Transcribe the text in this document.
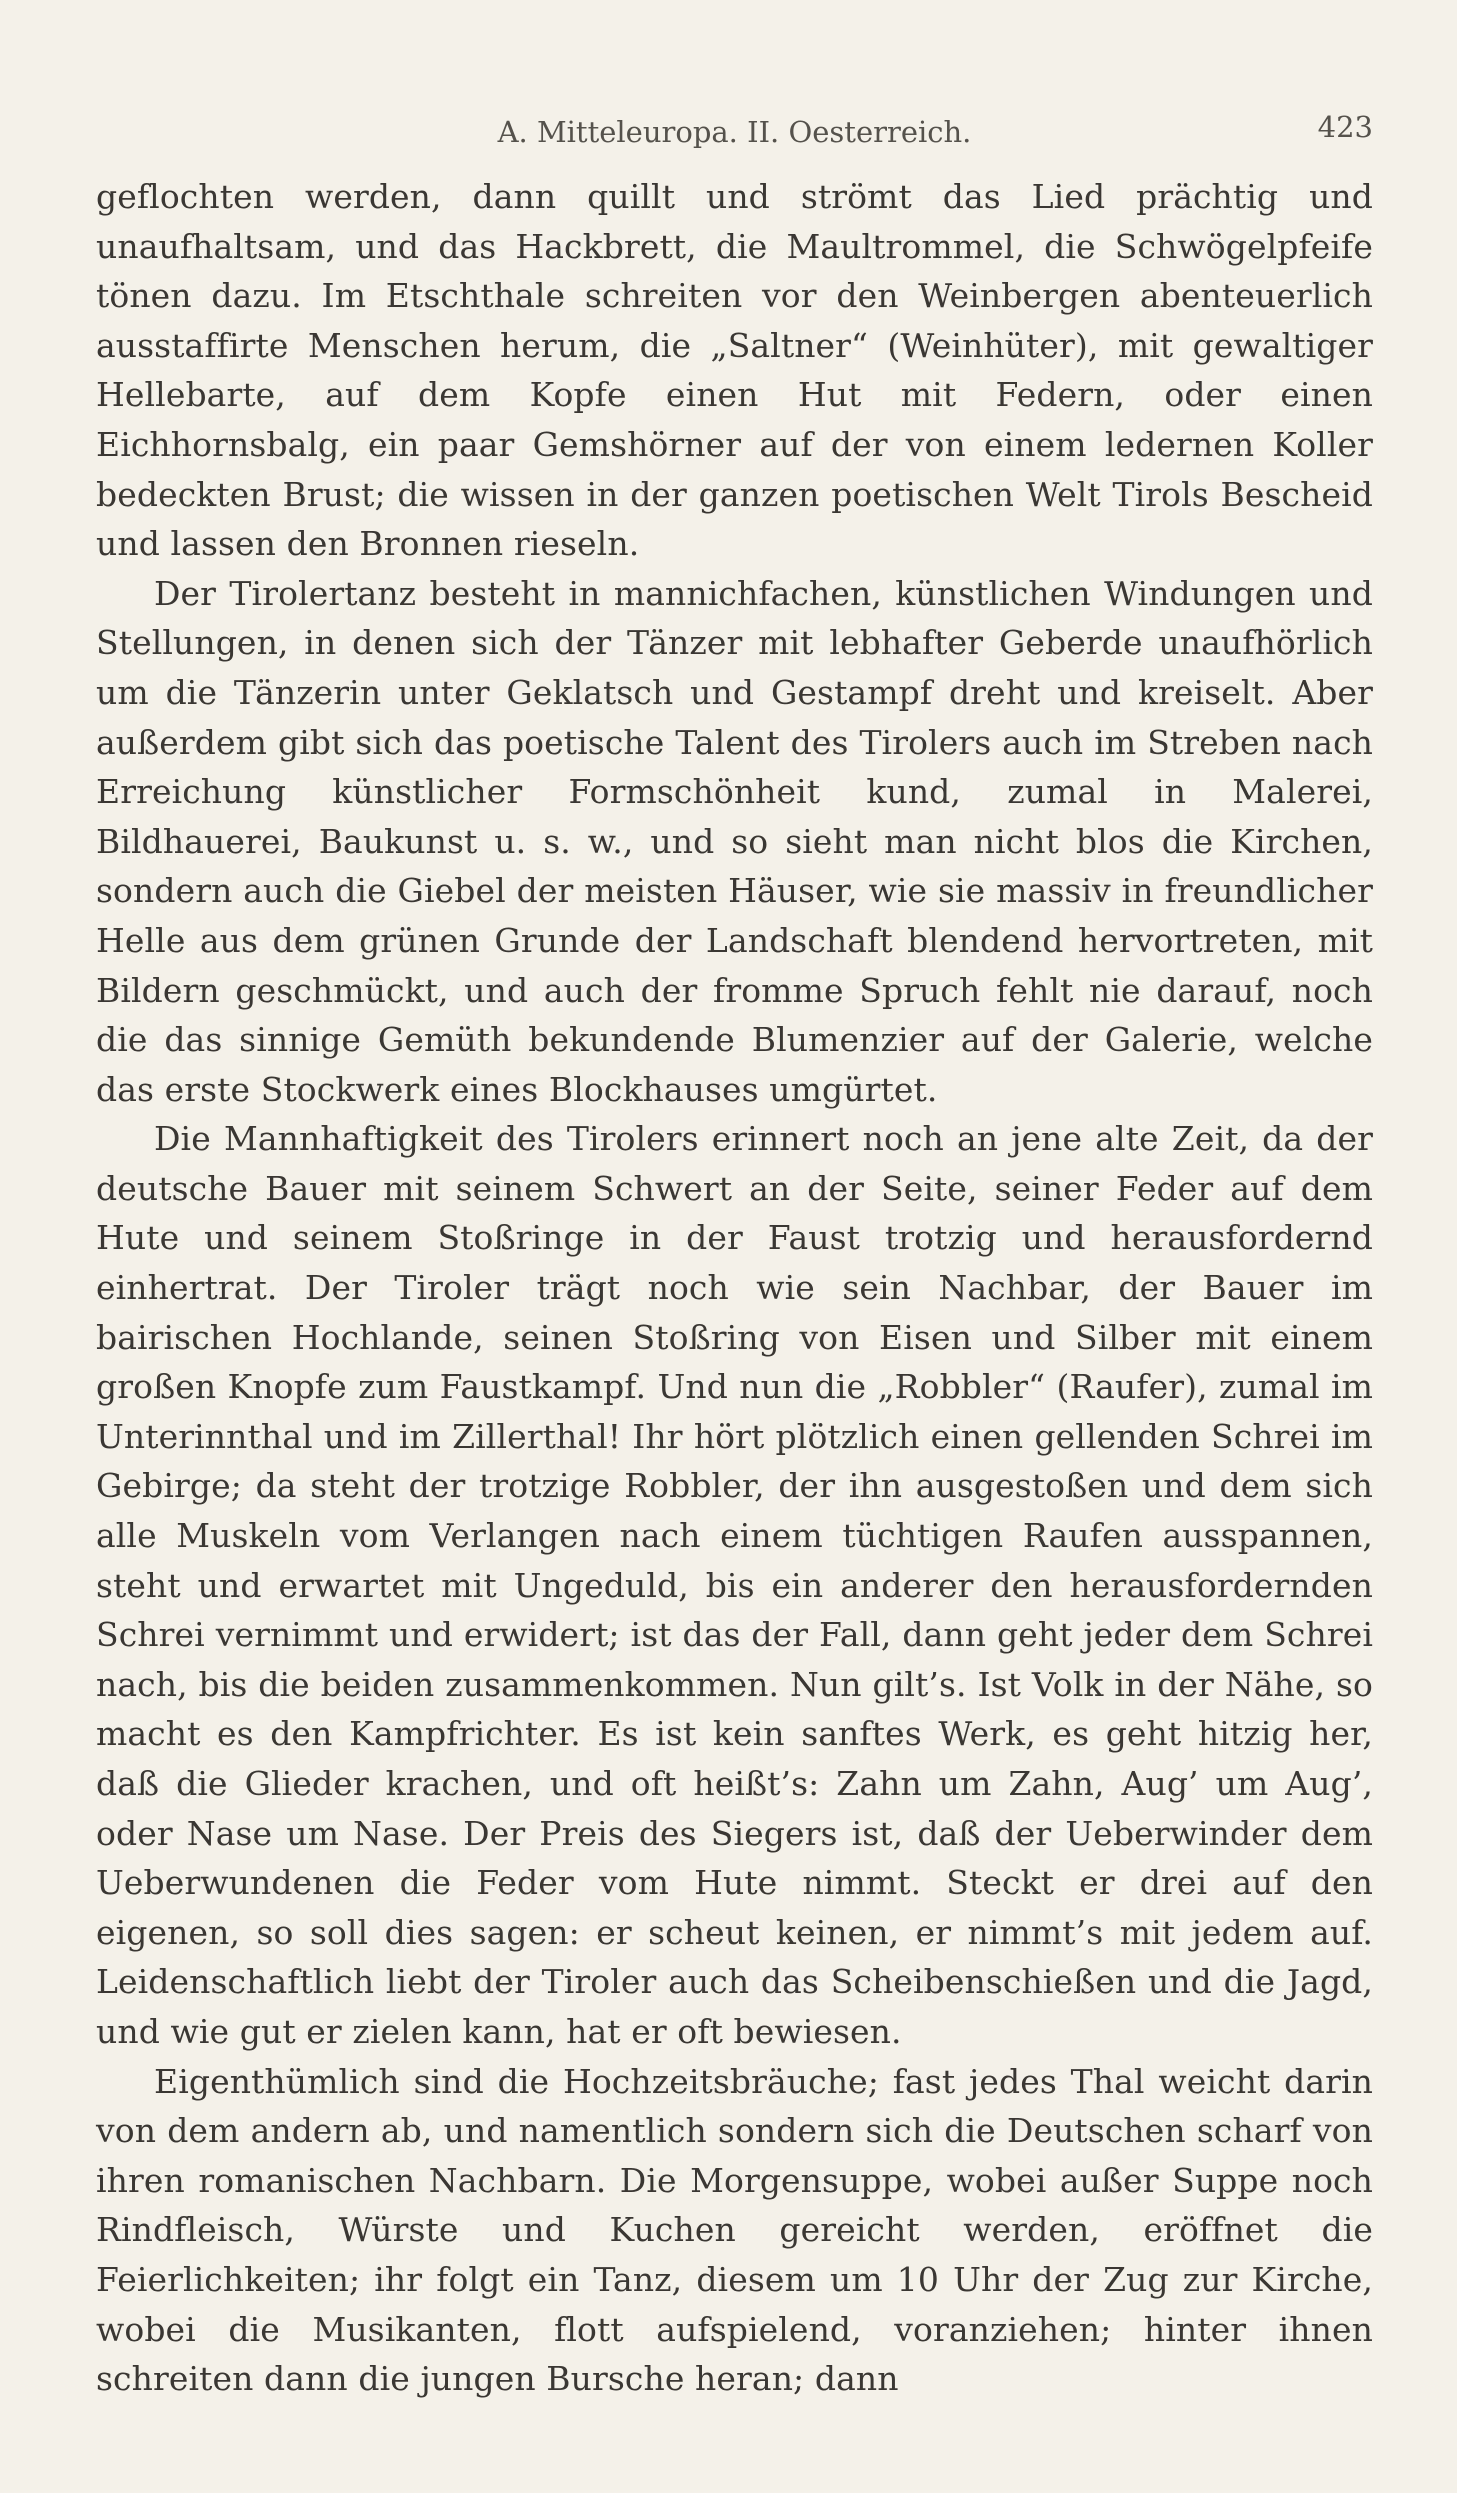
A. Mitteleuropa. II. Oesterreich.	423

geflochten werden, dann quillt und strömt das Lied prächtig und unaufhaltsam, und das Hackbrett, die Maultrommel, die Schwögelpfeife tönen dazu. Im Etschthale schreiten vor den Weinbergen abenteuerlich ausstaffirte Menschen herum, die „Saltner“ (Weinhüter), mit gewaltiger Hellebarte, auf dem Kopfe einen Hut mit Federn, oder einen Eichhornsbalg, ein paar Gemshörner auf der von einem ledernen Koller bedeckten Brust; die wissen in der ganzen poetischen Welt Tirols Bescheid und lassen den Bronnen rieseln.

Der Tirolertanz besteht in mannichfachen, künstlichen Windungen und Stellungen, in denen sich der Tänzer mit lebhafter Geberde unaufhörlich um die Tänzerin unter Geklatsch und Gestampf dreht und kreiselt. Aber außerdem gibt sich das poetische Talent des Tirolers auch im Streben nach Erreichung künstlicher Formschönheit kund, zumal in Malerei, Bildhauerei, Baukunst u. s. w., und so sieht man nicht blos die Kirchen, sondern auch die Giebel der meisten Häuser, wie sie massiv in freundlicher Helle aus dem grünen Grunde der Landschaft blendend hervortreten, mit Bildern geschmückt, und auch der fromme Spruch fehlt nie darauf, noch die das sinnige Gemüth bekundende Blumenzier auf der Galerie, welche das erste Stockwerk eines Blockhauses umgürtet.

Die Mannhaftigkeit des Tirolers erinnert noch an jene alte Zeit, da der deutsche Bauer mit seinem Schwert an der Seite, seiner Feder auf dem Hute und seinem Stoßringe in der Faust trotzig und herausfordernd einhertrat. Der Tiroler trägt noch wie sein Nachbar, der Bauer im bairischen Hochlande, seinen Stoßring von Eisen und Silber mit einem großen Knopfe zum Faustkampf. Und nun die „Robbler“ (Raufer), zumal im Unterinnthal und im Zillerthal! Ihr hört plötzlich einen gellenden Schrei im Gebirge; da steht der trotzige Robbler, der ihn ausgestoßen und dem sich alle Muskeln vom Verlangen nach einem tüchtigen Raufen ausspannen, steht und erwartet mit Ungeduld, bis ein anderer den herausfordernden Schrei vernimmt und erwidert; ist das der Fall, dann geht jeder dem Schrei nach, bis die beiden zusammenkommen. Nun gilt’s. Ist Volk in der Nähe, so macht es den Kampfrichter. Es ist kein sanftes Werk, es geht hitzig her, daß die Glieder krachen, und oft heißt’s: Zahn um Zahn, Aug’ um Aug’, oder Nase um Nase. Der Preis des Siegers ist, daß der Ueberwinder dem Ueberwundenen die Feder vom Hute nimmt. Steckt er drei auf den eigenen, so soll dies sagen: er scheut keinen, er nimmt’s mit jedem auf. Leidenschaftlich liebt der Tiroler auch das Scheibenschießen und die Jagd, und wie gut er zielen kann, hat er oft bewiesen.

Eigenthümlich sind die Hochzeitsbräuche; fast jedes Thal weicht darin von dem andern ab, und namentlich sondern sich die Deutschen scharf von ihren romanischen Nachbarn. Die Morgensuppe, wobei außer Suppe noch Rindfleisch, Würste und Kuchen gereicht werden, eröffnet die Feierlichkeiten; ihr folgt ein Tanz, diesem um 10 Uhr der Zug zur Kirche, wobei die Musikanten, flott aufspielend, voranziehen; hinter ihnen schreiten dann die jungen Bursche heran; dann
